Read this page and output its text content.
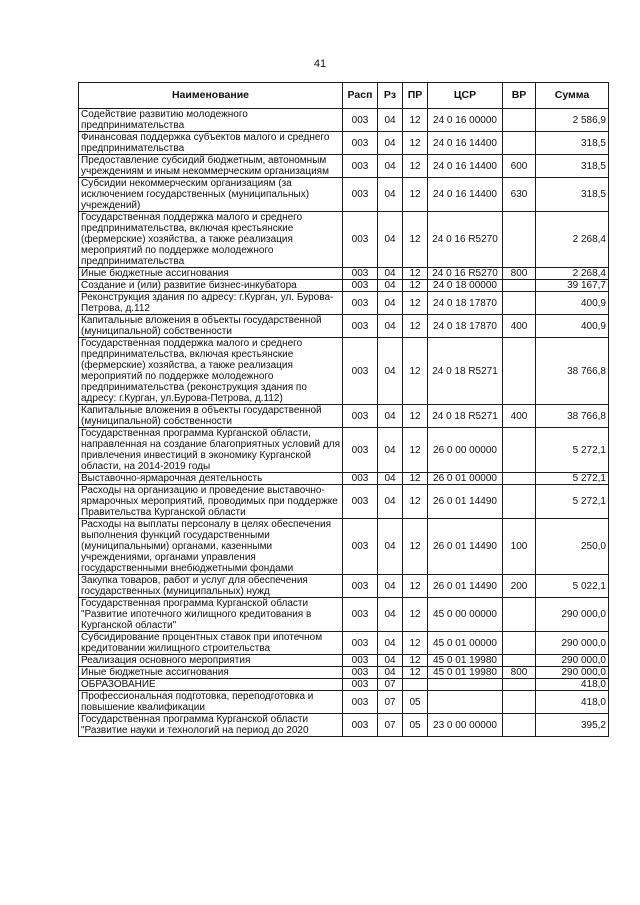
41
Наименование	Расп	Рз	ПР	ЦСР	ВР	Сумма
Содействие развитию молодежного предпринимательства	003	04	12	24 0 16 00000		2 586,9
Финансовая поддержка субъектов малого и среднего предпринимательства	003	04	12	24 0 16 14400		318,5
Предоставление субсидий бюджетным, автономным учреждениям и иным некоммерческим организациям	003	04	12	24 0 16 14400	600	318,5
Субсидии некоммерческим организациям (за исключением государственных (муниципальных) учреждений)	003	04	12	24 0 16 14400	630	318,5
Государственная поддержка малого и среднего предпринимательства, включая крестьянские (фермерские) хозяйства, а также реализация мероприятий по поддержке молодежного предпринимательства	003	04	12	24 0 16 R5270		2 268,4
Иные бюджетные ассигнования	003	04	12	24 0 16 R5270	800	2 268,4
Создание и (или) развитие бизнес-инкубатора	003	04	12	24 0 18 00000		39 167,7
Реконструкция здания по адресу: г.Курган, ул. Бурова-Петрова, д.112	003	04	12	24 0 18 17870		400,9
Капитальные вложения в объекты государственной (муниципальной) собственности	003	04	12	24 0 18 17870	400	400,9
Государственная поддержка малого и среднего предпринимательства, включая крестьянские (фермерские) хозяйства, а также реализация мероприятий по поддержке молодежного предпринимательства (реконструкция здания по адресу: г.Курган, ул.Бурова-Петрова, д.112)	003	04	12	24 0 18 R5271		38 766,8
Капитальные вложения в объекты государственной (муниципальной) собственности	003	04	12	24 0 18 R5271	400	38 766,8
Государственная программа Курганской области, направленная на создание благоприятных условий для привлечения инвестиций в экономику Курганской области, на 2014-2019 годы	003	04	12	26 0 00 00000		5 272,1
Выставочно-ярмарочная деятельность	003	04	12	26 0 01 00000		5 272,1
Расходы на организацию и проведение выставочно-ярмарочных мероприятий, проводимых при поддержке Правительства Курганской области	003	04	12	26 0 01 14490		5 272,1
Расходы на выплаты персоналу в целях обеспечения выполнения функций государственными (муниципальными) органами, казенными учреждениями, органами управления государственными внебюджетными фондами	003	04	12	26 0 01 14490	100	250,0
Закупка товаров, работ и услуг для обеспечения государственных (муниципальных) нужд	003	04	12	26 0 01 14490	200	5 022,1
Государственная программа Курганской области "Развитие ипотечного жилищного кредитования в Курганской области"	003	04	12	45 0 00 00000		290 000,0
Субсидирование процентных ставок при ипотечном кредитовании жилищного строительства	003	04	12	45 0 01 00000		290 000,0
Реализация основного мероприятия	003	04	12	45 0 01 19980		290 000,0
Иные бюджетные ассигнования	003	04	12	45 0 01 19980	800	290 000,0
ОБРАЗОВАНИЕ	003	07				418,0
Профессиональная подготовка, переподготовка и повышение квалификации	003	07	05			418,0
Государственная программа Курганской области "Развитие науки и технологий на период до 2020	003	07	05	23 0 00 00000		395,2
